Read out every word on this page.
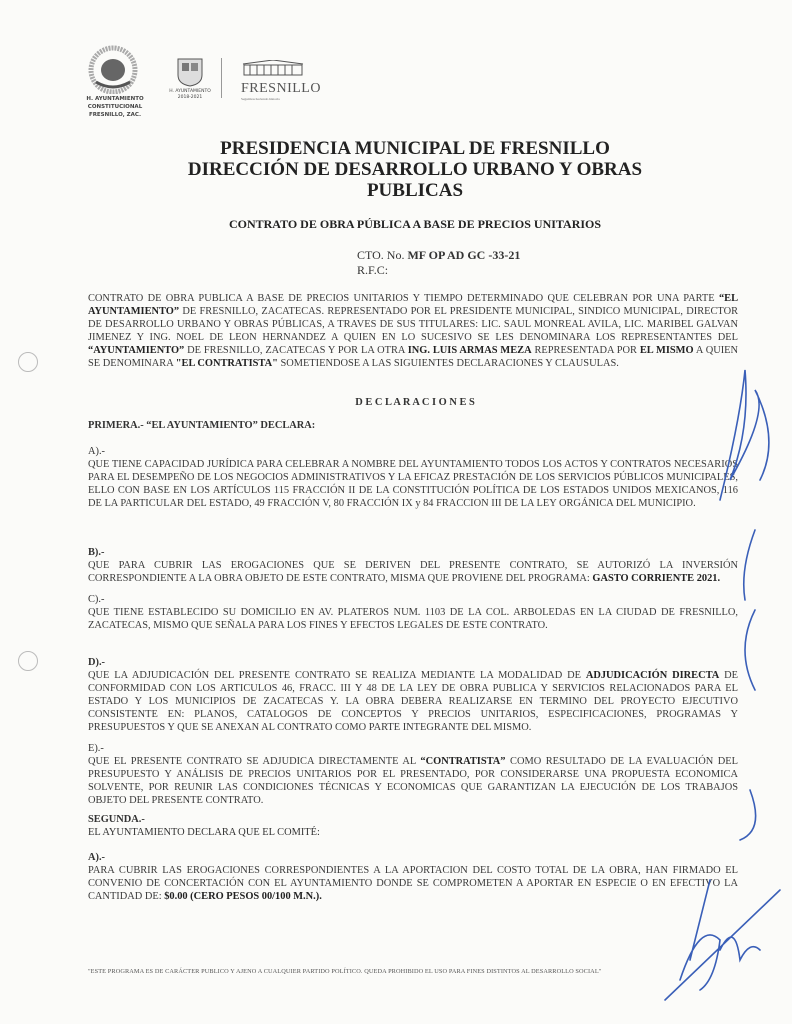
H. AYUNTAMIENTO
CONSTITUCIONAL
FRESNILLO, ZAC.
H. AYUNTAMIENTO
2018-2021
FRESNILLO
Seguimos haciendo historia
PRESIDENCIA MUNICIPAL DE FRESNILLO
DIRECCIÓN DE DESARROLLO URBANO Y OBRAS
PUBLICAS
CONTRATO DE OBRA PÚBLICA A BASE DE PRECIOS UNITARIOS
CTO. No. MF OP AD GC -33-21
R.F.C:
CONTRATO DE OBRA PUBLICA A BASE DE PRECIOS UNITARIOS Y TIEMPO DETERMINADO QUE CELEBRAN POR UNA PARTE “EL AYUNTAMIENTO” DE FRESNILLO, ZACATECAS. REPRESENTADO POR EL PRESIDENTE MUNICIPAL, SINDICO MUNICIPAL, DIRECTOR DE DESARROLLO URBANO Y OBRAS PÚBLICAS, A TRAVES DE SUS TITULARES: LIC. SAUL MONREAL AVILA, LIC. MARIBEL GALVAN JIMENEZ Y ING. NOEL DE LEON HERNANDEZ A QUIEN EN LO SUCESIVO SE LES DENOMINARA LOS REPRESENTANTES DEL “AYUNTAMIENTO” DE FRESNILLO, ZACATECAS Y POR LA OTRA ING. LUIS ARMAS MEZA REPRESENTADA POR EL MISMO A QUIEN SE DENOMINARA "EL CONTRATISTA" SOMETIENDOSE A LAS SIGUIENTES DECLARACIONES Y CLAUSULAS.
D E C L A R A C I O N E S
PRIMERA.- “EL AYUNTAMIENTO” DECLARA:
A).-
QUE TIENE CAPACIDAD JURÍDICA PARA CELEBRAR A NOMBRE DEL AYUNTAMIENTO TODOS LOS ACTOS Y CONTRATOS NECESARIOS PARA EL DESEMPEÑO DE LOS NEGOCIOS ADMINISTRATIVOS Y LA EFICAZ PRESTACIÓN DE LOS SERVICIOS PÚBLICOS MUNICIPALES, ELLO CON BASE EN LOS ARTÍCULOS 115 FRACCIÓN II DE LA CONSTITUCIÓN POLÍTICA DE LOS ESTADOS UNIDOS MEXICANOS, 116 DE LA PARTICULAR DEL ESTADO, 49 FRACCIÓN V, 80 FRACCIÓN IX y 84 FRACCION III DE LA LEY ORGÁNICA DEL MUNICIPIO.
B).-
QUE PARA CUBRIR LAS EROGACIONES QUE SE DERIVEN DEL PRESENTE CONTRATO, SE AUTORIZÓ LA INVERSIÓN CORRESPONDIENTE A LA OBRA OBJETO DE ESTE CONTRATO, MISMA QUE PROVIENE DEL PROGRAMA: GASTO CORRIENTE 2021.
C).-
QUE TIENE ESTABLECIDO SU DOMICILIO EN AV. PLATEROS NUM. 1103 DE LA COL. ARBOLEDAS EN LA CIUDAD DE FRESNILLO, ZACATECAS, MISMO QUE SEÑALA PARA LOS FINES Y EFECTOS LEGALES DE ESTE CONTRATO.
D).-
QUE LA ADJUDICACIÓN DEL PRESENTE CONTRATO SE REALIZA MEDIANTE LA MODALIDAD DE ADJUDICACIÓN DIRECTA DE CONFORMIDAD CON LOS ARTICULOS 46, FRACC. III Y 48 DE LA LEY DE OBRA PUBLICA Y SERVICIOS RELACIONADOS PARA EL ESTADO Y LOS MUNICIPIOS DE ZACATECAS Y. LA OBRA DEBERA REALIZARSE EN TERMINO DEL PROYECTO EJECUTIVO CONSISTENTE EN: PLANOS, CATALOGOS DE CONCEPTOS Y PRECIOS UNITARIOS, ESPECIFICACIONES, PROGRAMAS Y PRESUPUESTOS Y QUE SE ANEXAN AL CONTRATO COMO PARTE INTEGRANTE DEL MISMO.
E).-
QUE EL PRESENTE CONTRATO SE ADJUDICA DIRECTAMENTE AL “CONTRATISTA” COMO RESULTADO DE LA EVALUACIÓN DEL PRESUPUESTO Y ANÁLISIS DE PRECIOS UNITARIOS POR EL PRESENTADO, POR CONSIDERARSE UNA PROPUESTA ECONOMICA SOLVENTE, POR REUNIR LAS CONDICIONES TÉCNICAS Y ECONOMICAS QUE GARANTIZAN LA EJECUCIÓN DE LOS TRABAJOS OBJETO DEL PRESENTE CONTRATO.
SEGUNDA.-
EL AYUNTAMIENTO DECLARA QUE EL COMITÉ:
A).-
PARA CUBRIR LAS EROGACIONES CORRESPONDIENTES A LA APORTACION DEL COSTO TOTAL DE LA OBRA, HAN FIRMADO EL CONVENIO DE CONCERTACIÓN CON EL AYUNTAMIENTO DONDE SE COMPROMETEN A APORTAR EN ESPECIE O EN EFECTIVO LA CANTIDAD DE: $0.00 (CERO PESOS 00/100 M.N.).
"ESTE PROGRAMA ES DE CARÁCTER PUBLICO Y AJENO A CUALQUIER PARTIDO POLÍTICO. QUEDA PROHIBIDO EL USO PARA FINES DISTINTOS AL DESARROLLO SOCIAL"
